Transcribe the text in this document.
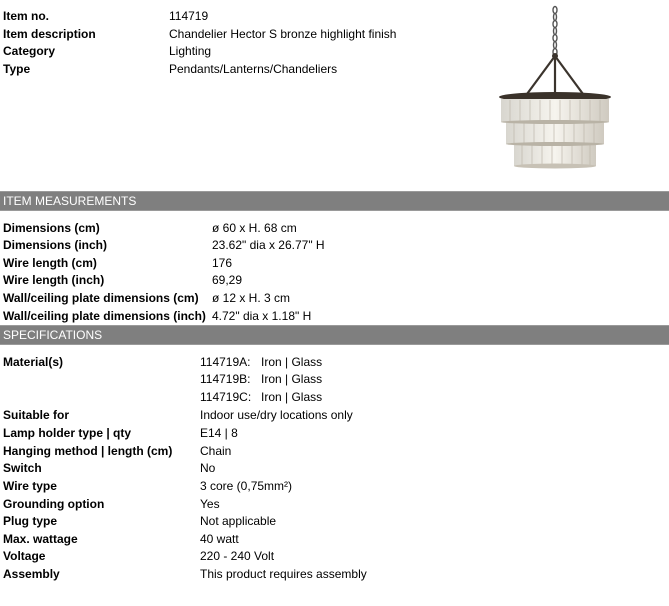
Item no.	114719
Item description	Chandelier Hector S bronze highlight finish
Category	Lighting
Type	Pendants/Lanterns/Chandeliers
ITEM MEASUREMENTS
Dimensions (cm)	ø 60 x H. 68 cm
Dimensions (inch)	23.62" dia x 26.77" H
Wire length (cm)	176
Wire length (inch)	69,29
Wall/ceiling plate dimensions (cm) ø 12 x H. 3 cm
Wall/ceiling plate dimensions (inch) 4.72" dia x 1.18" H
SPECIFICATIONS
Material(s)	114719A: Iron | Glass
114719B: Iron | Glass
114719C: Iron | Glass
Suitable for	Indoor use/dry locations only
Lamp holder type | qty	E14 | 8
Hanging method | length (cm) Chain
Switch	No
Wire type	3 core (0,75mm²)
Grounding option	Yes
Plug type	Not applicable
Max. wattage	40 watt
Voltage	220 - 240 Volt
Assembly	This product requires assembly
